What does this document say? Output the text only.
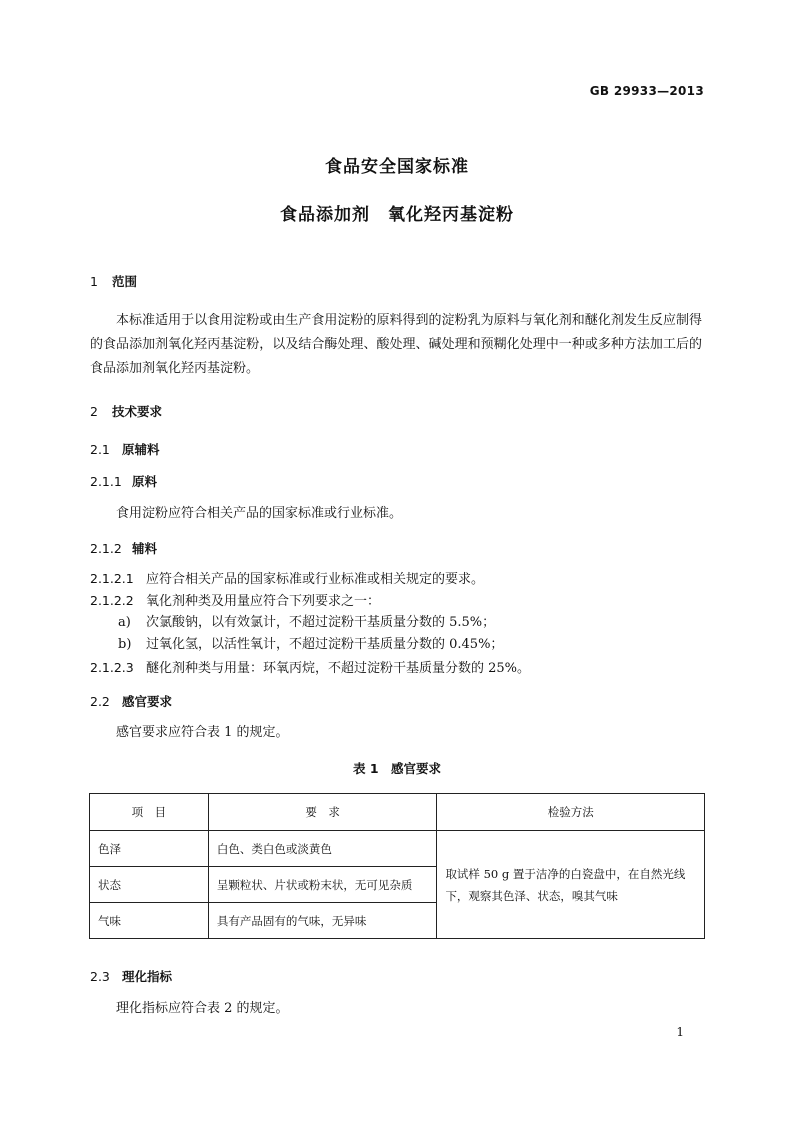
GB 29933—2013
食品安全国家标准
食品添加剂　氧化羟丙基淀粉
1 范围
本标准适用于以食用淀粉或由生产食用淀粉的原料得到的淀粉乳为原料与氧化剂和醚化剂发生反应制得的食品添加剂氧化羟丙基淀粉，以及结合酶处理、酸处理、碱处理和预糊化处理中一种或多种方法加工后的食品添加剂氧化羟丙基淀粉。
2 技术要求
2.1 原辅料
2.1.1 原料
食用淀粉应符合相关产品的国家标准或行业标准。
2.1.2 辅料
2.1.2.1 应符合相关产品的国家标准或行业标准或相关规定的要求。
2.1.2.2 氧化剂种类及用量应符合下列要求之一：
a) 次氯酸钠，以有效氯计，不超过淀粉干基质量分数的 5.5%；
b) 过氧化氢，以活性氧计，不超过淀粉干基质量分数的 0.45%；
2.1.2.3 醚化剂种类与用量：环氧丙烷，不超过淀粉干基质量分数的 25%。
2.2 感官要求
感官要求应符合表 1 的规定。
表 1　感官要求
项　目	要　求	检验方法
色泽	白色、类白色或淡黄色	取试样 50 g 置于洁净的白瓷盘中，在自然光线下，观察其色泽、状态，嗅其气味
状态	呈颗粒状、片状或粉末状，无可见杂质	
气味	具有产品固有的气味，无异味	
2.3 理化指标
理化指标应符合表 2 的规定。
1
